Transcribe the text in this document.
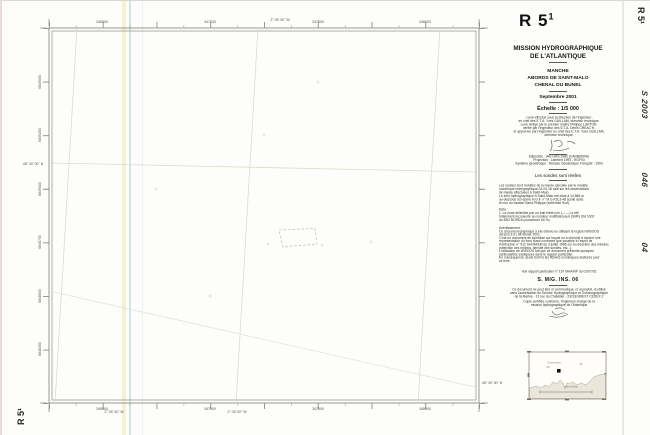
346500	347000	347500	348000
2° 05' 00" W
346500	347000	347500	348000
2° 05' 30" W	2° 05' 00" W
6849500
6849250
6849000
6848750
6848500
6848250
48° 40' 00" N
48° 39' 30" N
R $5^1$
MISSION HYDROGRAPHIQUE
DE L'ATLANTIQUE
MANCHE
ABORDS DE SAINT-MALO
CHENAL DU BUNEL
Septembre 2001
Échelle : 1/5 000
Levé effectué sous la direction de l'ingénieur
en chef des E.T.A. Yves GUILLAM, directeur technique.
Levé rédigé par le premier maître Philippe LURTON,
vérifié par l'ingénieur des E.T.A. Denis CREAC'H,
et approuvé par l'ingénieur en chef des E.T.A. Yves GUILLAM,
directeur technique.
Ellipsoïde : IAG GRS 1980 (CANBERRA)
Projection : Lambert 1993 - RGF93
Système géodésique : Réseau Géodésique Français - 1993
Les sondes sont réelles
Les sondes sont réduites de la marée calculée par le modèle
numérique marégraphique 03-04-16 calé sur les observations
de marée effectuées à Saint-Malo.
Le zéro hydrographique à Saint-Malo est situé à 14,566 m
au-dessous du repère N.G.F. n° M.G.K3L3-48 scellé dans
le mur du bastion Saint-Philippe (extrémité Sud).
Nota :
1. La zone délimitée par un trait tireté noir (— —) a été
totalement recouverte au sondeur multifaisceaux (SMF) EM 1002
du BH2 BORDA (couverture 64 %).
Avertissement :
Ce document graphique a été obtenu en utilisant le logiciel WISOOS
version 3.01 de février 2001.
C'est un document de synthèse sur lequel on a cherché à donner une
représentation du fond aussi conforme que possible à l'esprit de
l'instruction n° 512 SHOM/EM du 3 juillet 1986 sur la rédaction des minutes
(sélection des minima, densité des sondes, etc...).
L'utilisation de WISOOS fait que ce document présente quelques
particularités expliquées dans le rapport particulier.
En conséquence, seuls font foi les fichiers numériques élaborés pour
ce levé.
Voir rapport particulier n° 167 MHA/NP du 01/07/02
S. MIG. INS. 06
Ce document ne peut être ni communiqué, ni reproduit, ni utilisé
sans l'autorisation du Service Hydrographique et Océanographique
de la Marine - 13 rue du Chatellier - 29228 BREST CEDEX 2
Copie certifiée conforme, l'ingénieur chargé de la
mission hydrographique de l'Atlantique
Cézembre
Saint-Malo
R 5¹
R 5¹
S 2003
046
04
